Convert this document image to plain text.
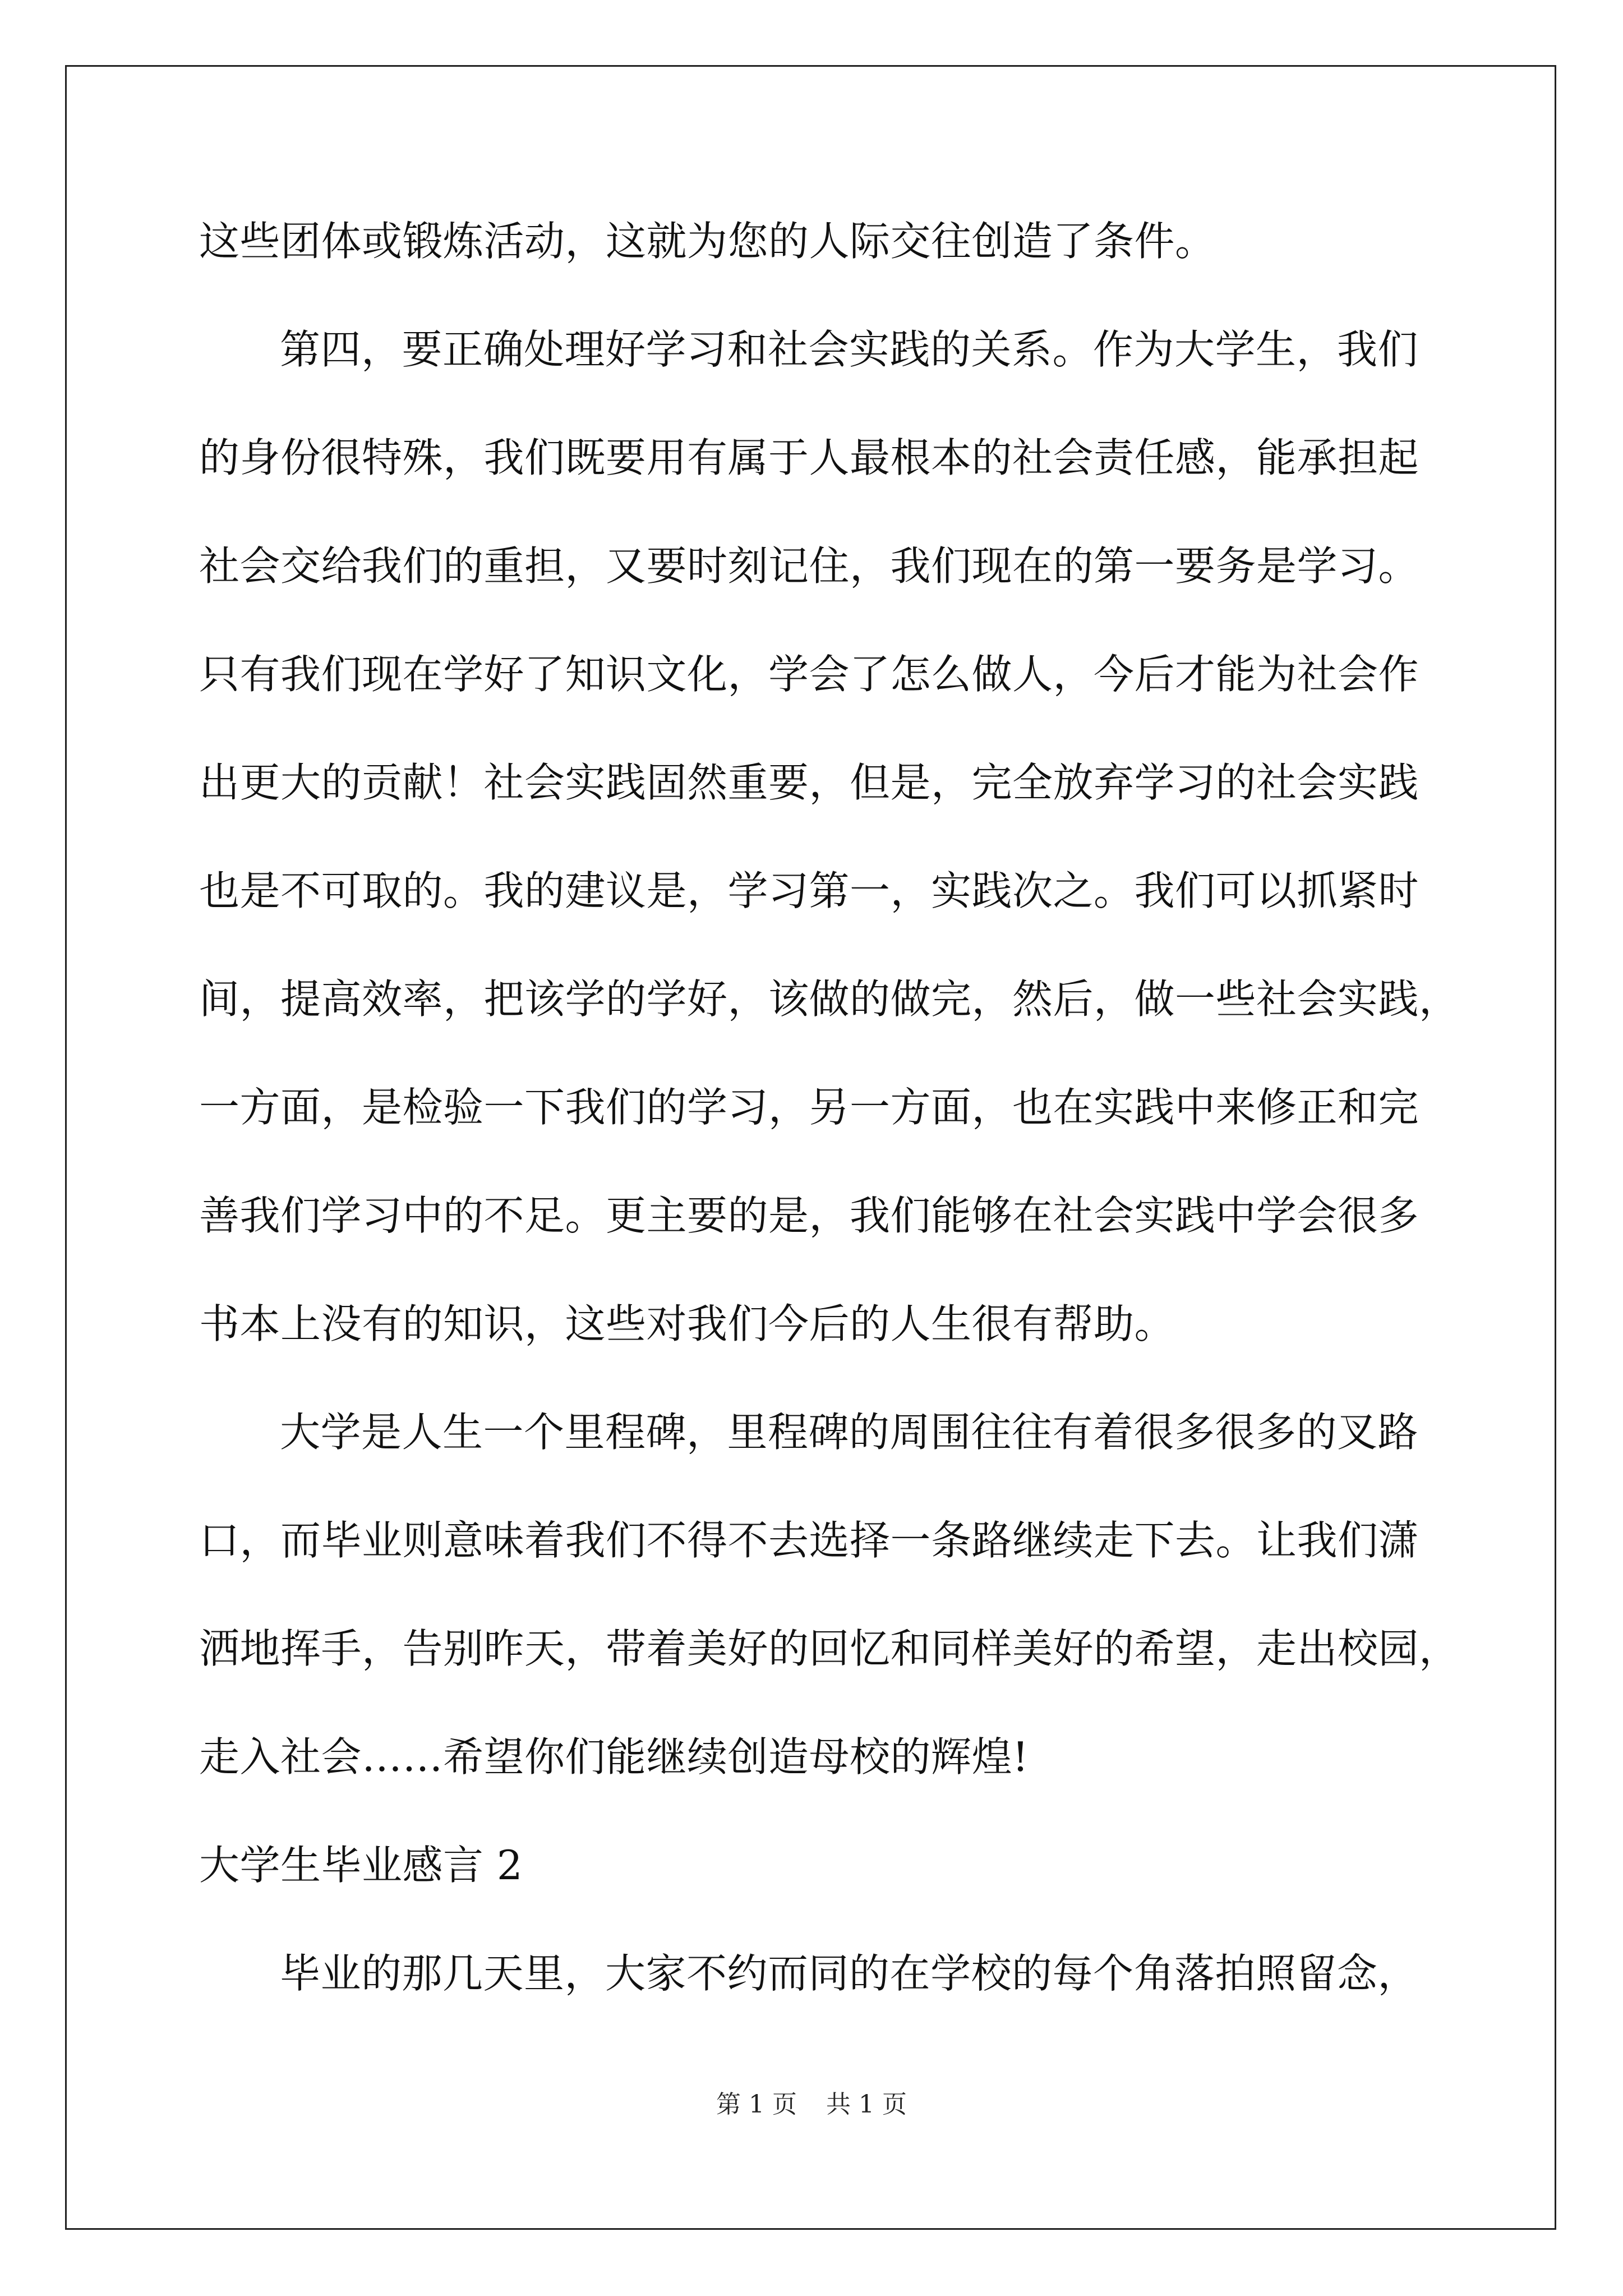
这些团体或锻炼活动，这就为您的人际交往创造了条件。
第四，要正确处理好学习和社会实践的关系。作为大学生，我们
的身份很特殊，我们既要用有属于人最根本的社会责任感，能承担起
社会交给我们的重担，又要时刻记住，我们现在的第一要务是学习。
只有我们现在学好了知识文化，学会了怎么做人，今后才能为社会作
出更大的贡献！社会实践固然重要，但是，完全放弃学习的社会实践
也是不可取的。我的建议是，学习第一，实践次之。我们可以抓紧时
间，提高效率，把该学的学好，该做的做完，然后，做一些社会实践，
一方面，是检验一下我们的学习，另一方面，也在实践中来修正和完
善我们学习中的不足。更主要的是，我们能够在社会实践中学会很多
书本上没有的知识，这些对我们今后的人生很有帮助。
大学是人生一个里程碑，里程碑的周围往往有着很多很多的叉路
口，而毕业则意味着我们不得不去选择一条路继续走下去。让我们潇
洒地挥手，告别昨天，带着美好的回忆和同样美好的希望，走出校园，
走入社会……希望你们能继续创造母校的辉煌!
大学生毕业感言 2
毕业的那几天里，大家不约而同的在学校的每个角落拍照留念，
第 1 页 共 1 页
